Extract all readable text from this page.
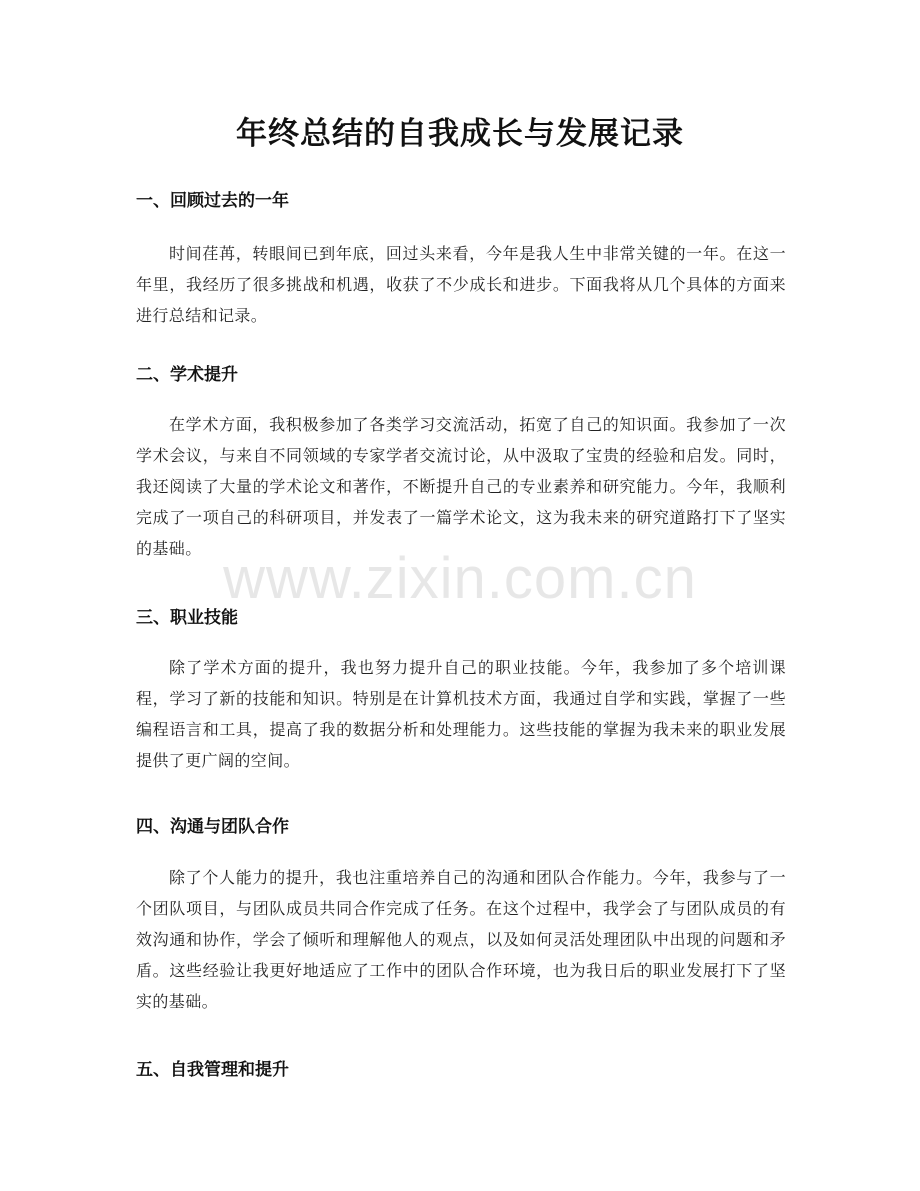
年终总结的自我成长与发展记录
www.zixin.com.cn
一、回顾过去的一年

时间荏苒，转眼间已到年底，回过头来看，今年是我人生中非常关键的一年。在这一年里，我经历了很多挑战和机遇，收获了不少成长和进步。下面我将从几个具体的方面来进行总结和记录。

二、学术提升

在学术方面，我积极参加了各类学习交流活动，拓宽了自己的知识面。我参加了一次学术会议，与来自不同领域的专家学者交流讨论，从中汲取了宝贵的经验和启发。同时，我还阅读了大量的学术论文和著作，不断提升自己的专业素养和研究能力。今年，我顺利完成了一项自己的科研项目，并发表了一篇学术论文，这为我未来的研究道路打下了坚实的基础。

三、职业技能

除了学术方面的提升，我也努力提升自己的职业技能。今年，我参加了多个培训课程，学习了新的技能和知识。特别是在计算机技术方面，我通过自学和实践，掌握了一些编程语言和工具，提高了我的数据分析和处理能力。这些技能的掌握为我未来的职业发展提供了更广阔的空间。

四、沟通与团队合作

除了个人能力的提升，我也注重培养自己的沟通和团队合作能力。今年，我参与了一个团队项目，与团队成员共同合作完成了任务。在这个过程中，我学会了与团队成员的有效沟通和协作，学会了倾听和理解他人的观点，以及如何灵活处理团队中出现的问题和矛盾。这些经验让我更好地适应了工作中的团队合作环境，也为我日后的职业发展打下了坚实的基础。

五、自我管理和提升
